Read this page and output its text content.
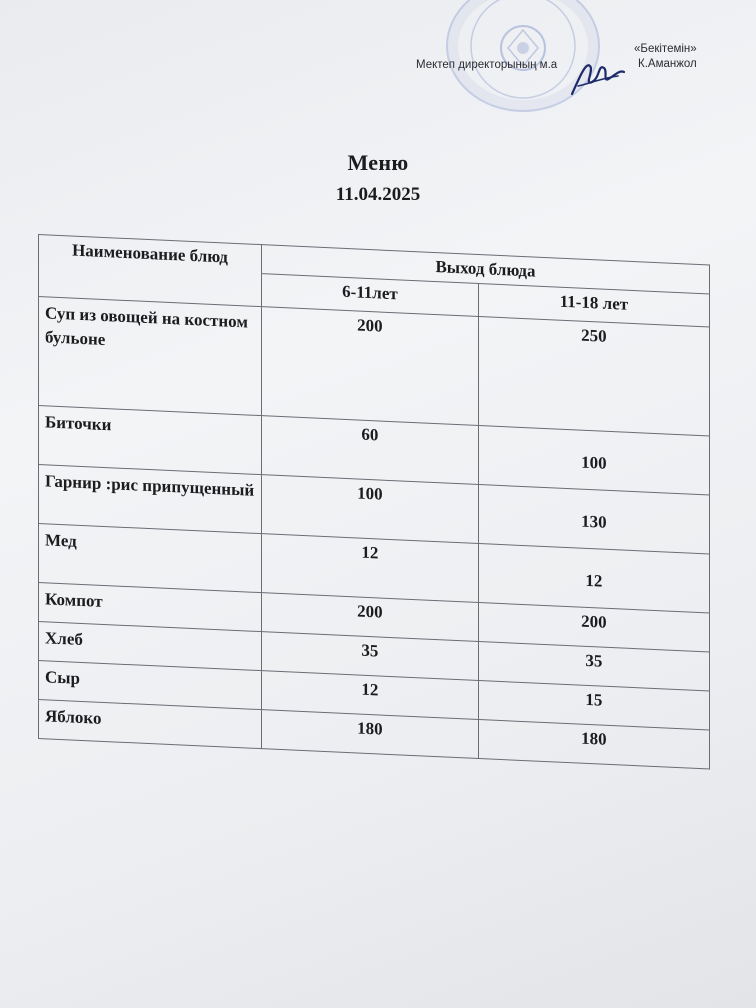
Мектеп директорының м.а
«Бекітемін»
К.Аманжол
Меню
11.04.2025
Наименование блюд	Выход блюда	
	6-11лет	11-18 лет
Суп из овощей на костном бульоне	200	250
Биточки	60	100
Гарнир :рис припущенный	100	130
Мед	12	12
Компот	200	200
Хлеб	35	35
Сыр	12	15
Яблоко	180	180
